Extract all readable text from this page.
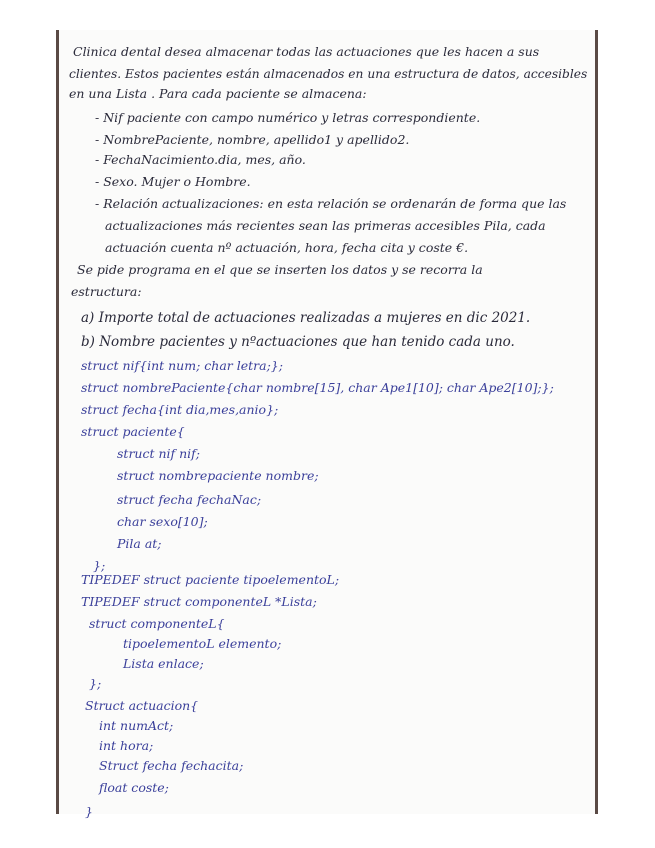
Clinica dental desea almacenar todas las actuaciones que les hacen a sus
clientes. Estos pacientes están almacenados en una estructura de datos, accesibles
en una Lista . Para cada paciente se almacena:
- Nif paciente con campo numérico y letras correspondiente.
- NombrePaciente, nombre, apellido1 y apellido2.
- FechaNacimiento.dia, mes, año.
- Sexo. Mujer o Hombre.
- Relación actualizaciones: en esta relación se ordenarán de forma que las
actualizaciones más recientes sean las primeras accesibles Pila, cada
actuación cuenta nº actuación, hora, fecha cita y coste €.
Se pide programa en el que se inserten los datos y se recorra la
estructura:
a) Importe total de actuaciones realizadas a mujeres en dic 2021.
b) Nombre pacientes y nºactuaciones que han tenido cada uno.
struct nif{int num; char letra;};
struct nombrePaciente{char nombre[15], char Ape1[10]; char Ape2[10];};
struct fecha{int dia,mes,anio};
struct paciente{
struct nif nif;
struct nombrepaciente nombre;
struct fecha fechaNac;
char sexo[10];
Pila at;
};
TIPEDEF struct paciente tipoelementoL;
TIPEDEF struct componenteL *Lista;
struct componenteL{
tipoelementoL elemento;
Lista enlace;
};
Struct actuacion{
int numAct;
int hora;
Struct fecha fechacita;
float coste;
}
